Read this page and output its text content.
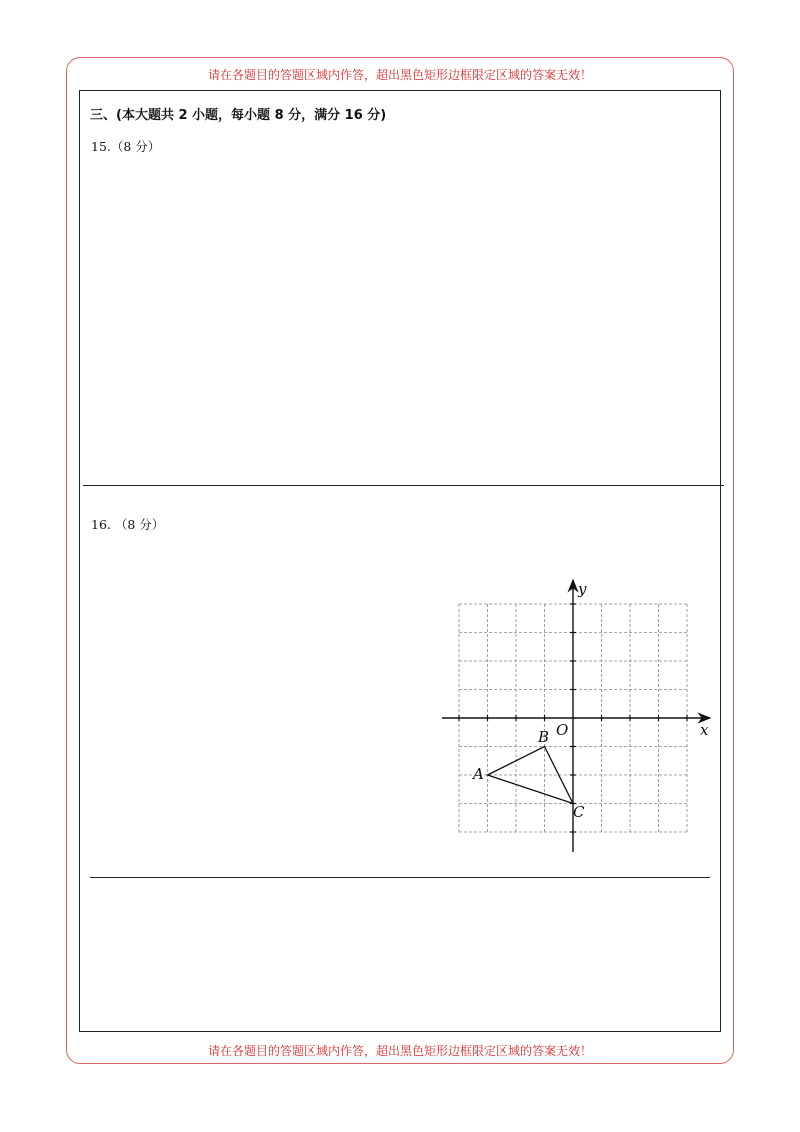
请在各题目的答题区域内作答，超出黑色矩形边框限定区域的答案无效！
三、(本大题共 2 小题，每小题 8 分，满分 16 分)
15.（8 分）
16. （8 分）
x
y
O
A
B
C
请在各题目的答题区域内作答，超出黑色矩形边框限定区域的答案无效！
